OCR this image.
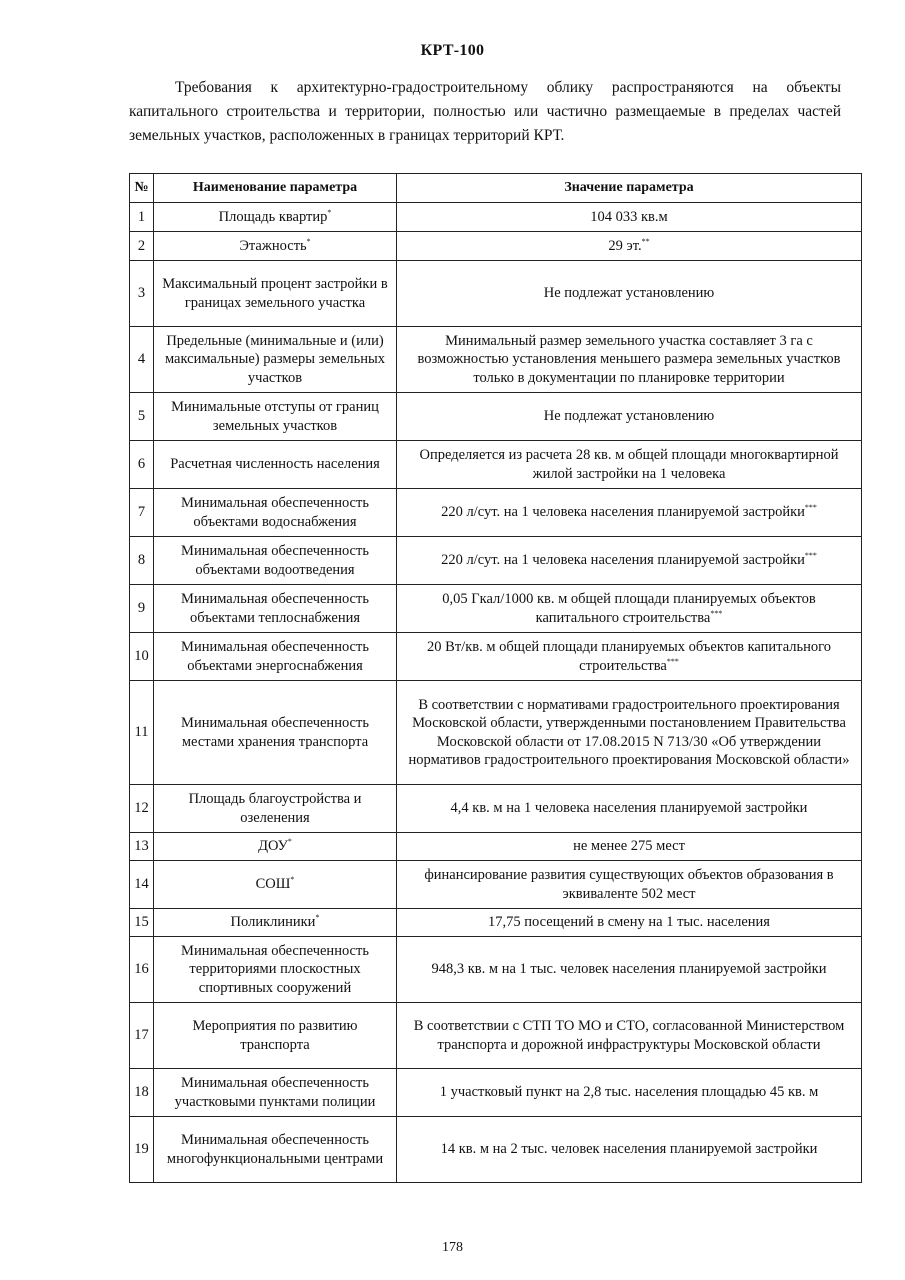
КРТ-100
Требования к архитектурно-градостроительному облику распространяются на объекты капитального строительства и территории, полностью или частично размещаемые в пределах частей земельных участков, расположенных в границах территорий КРТ.
№	Наименование параметра	Значение параметра
1	Площадь квартир*	104 033 кв.м
2	Этажность*	29 эт.**
3	Максимальный процент застройки в границах земельного участка	Не подлежат установлению
4	Предельные (минимальные и (или) максимальные) размеры земельных участков	Минимальный размер земельного участка составляет 3 га с возможностью установления меньшего размера земельных участков только в документации по планировке территории
5	Минимальные отступы от границ земельных участков	Не подлежат установлению
6	Расчетная численность населения	Определяется из расчета 28 кв. м общей площади многоквартирной жилой застройки на 1 человека
7	Минимальная обеспеченность объектами водоснабжения	220 л/сут. на 1 человека населения планируемой застройки***
8	Минимальная обеспеченность объектами водоотведения	220 л/сут. на 1 человека населения планируемой застройки***
9	Минимальная обеспеченность объектами теплоснабжения	0,05 Гкал/1000 кв. м общей площади планируемых объектов капитального строительства***
10	Минимальная обеспеченность объектами энергоснабжения	20 Вт/кв. м общей площади планируемых объектов капитального строительства***
11	Минимальная обеспеченность местами хранения транспорта	В соответствии с нормативами градостроительного проектирования Московской области, утвержденными постановлением Правительства Московской области от 17.08.2015 N 713/30 «Об утверждении нормативов градостроительного проектирования Московской области»
12	Площадь благоустройства и озеленения	4,4 кв. м на 1 человека населения планируемой застройки
13	ДОУ*	не менее 275 мест
14	СОШ*	финансирование развития существующих объектов образования в эквиваленте 502 мест
15	Поликлиники*	17,75 посещений в смену на 1 тыс. населения
16	Минимальная обеспеченность территориями плоскостных спортивных сооружений	948,3 кв. м на 1 тыс. человек населения планируемой застройки
17	Мероприятия по развитию транспорта	В соответствии с СТП ТО МО и СТО, согласованной Министерством транспорта и дорожной инфраструктуры Московской области
18	Минимальная обеспеченность участковыми пунктами полиции	1 участковый пункт на 2,8 тыс. населения площадью 45 кв. м
19	Минимальная обеспеченность многофункциональными центрами	14 кв. м на 2 тыс. человек населения планируемой застройки
178
